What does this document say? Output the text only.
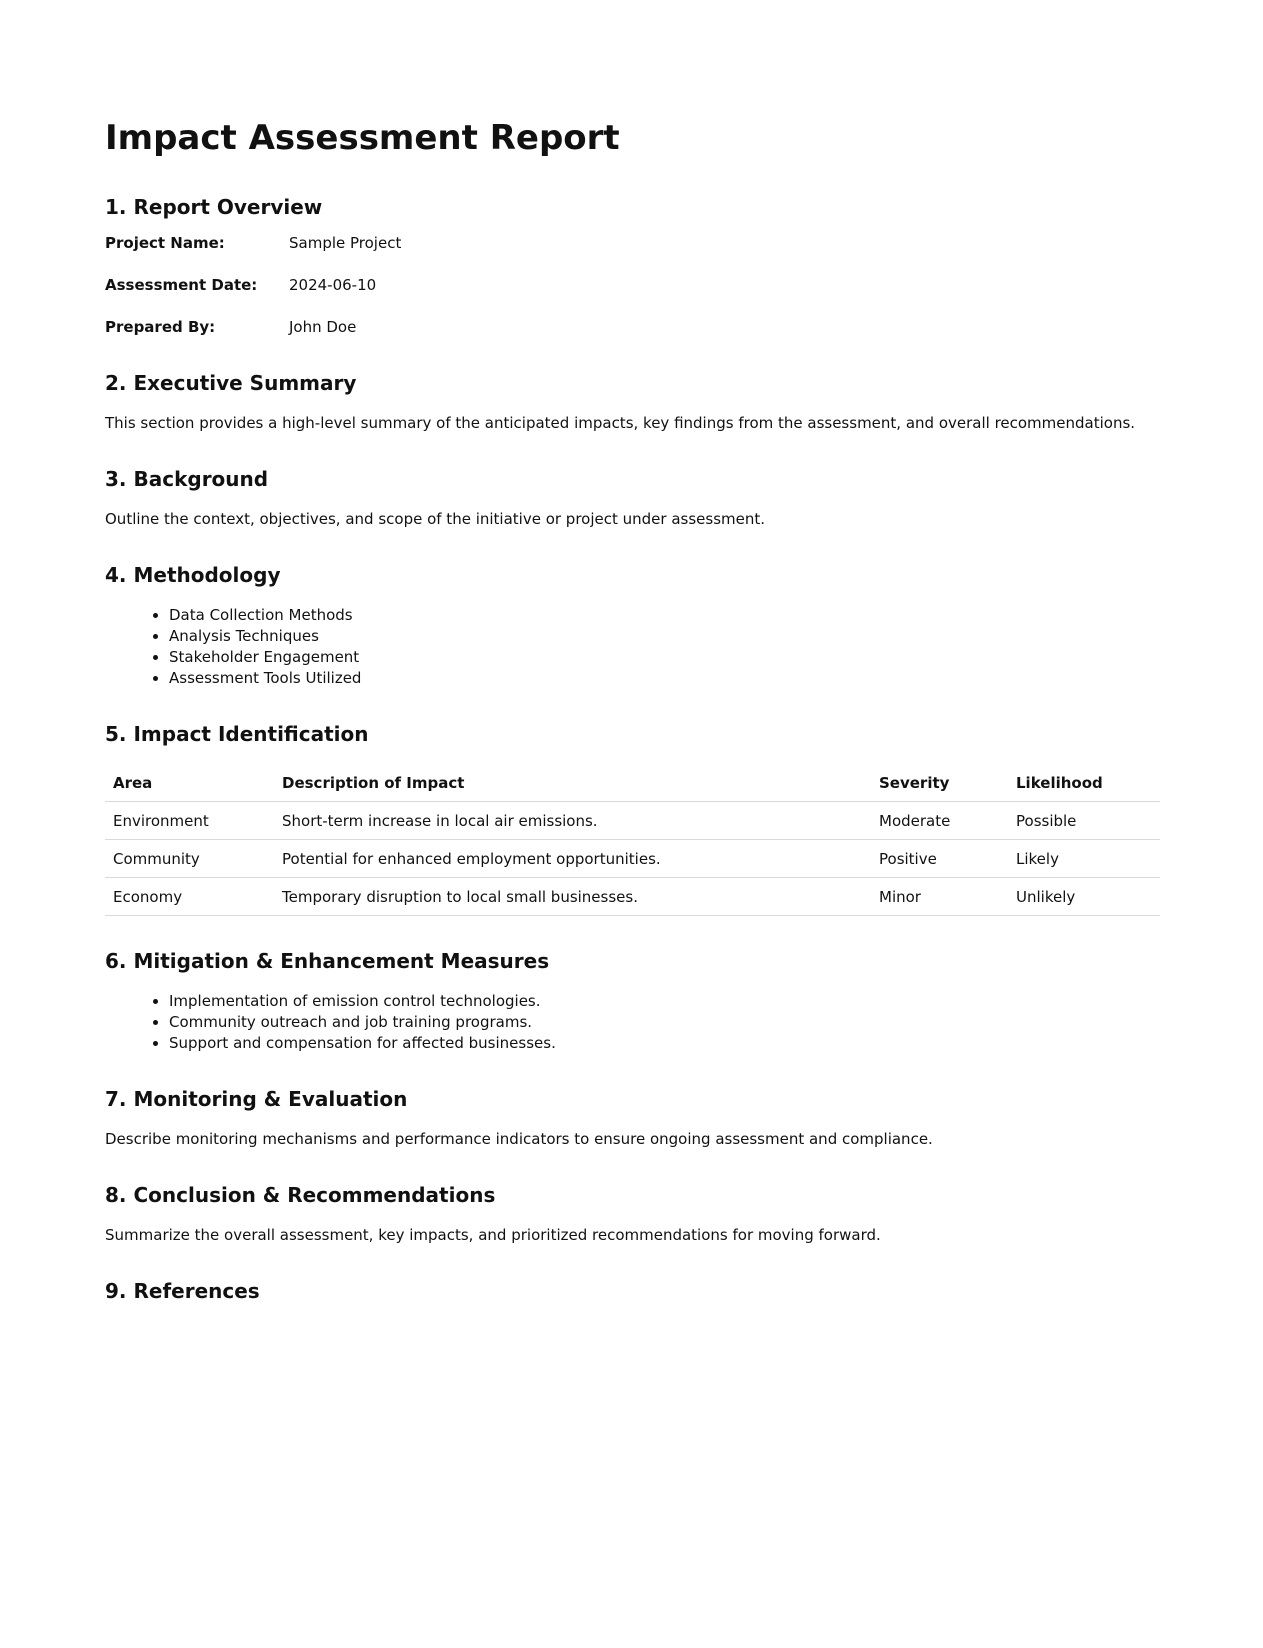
Impact Assessment Report
1. Report Overview
Project Name:	Sample Project
Assessment Date: 2024-06-10
Prepared By:	John Doe
2. Executive Summary

This section provides a high-level summary of the anticipated impacts, key findings from the assessment, and overall recommendations.

3. Background

Outline the context, objectives, and scope of the initiative or project under assessment.

4. Methodology
• Data Collection Methods
• Analysis Techniques
• Stakeholder Engagement
• Assessment Tools Utilized
5. Impact Identification
Area	Description of Impact	Severity	Likelihood
Environment	Short-term increase in local air emissions.	Moderate	Possible
Community	Potential for enhanced employment opportunities.	Positive	Likely
Economy	Temporary disruption to local small businesses.	Minor	Unlikely
6. Mitigation & Enhancement Measures
• Implementation of emission control technologies.
• Community outreach and job training programs.
• Support and compensation for affected businesses.
7. Monitoring & Evaluation

Describe monitoring mechanisms and performance indicators to ensure ongoing assessment and compliance.

8. Conclusion & Recommendations

Summarize the overall assessment, key impacts, and prioritized recommendations for moving forward.

9. References
